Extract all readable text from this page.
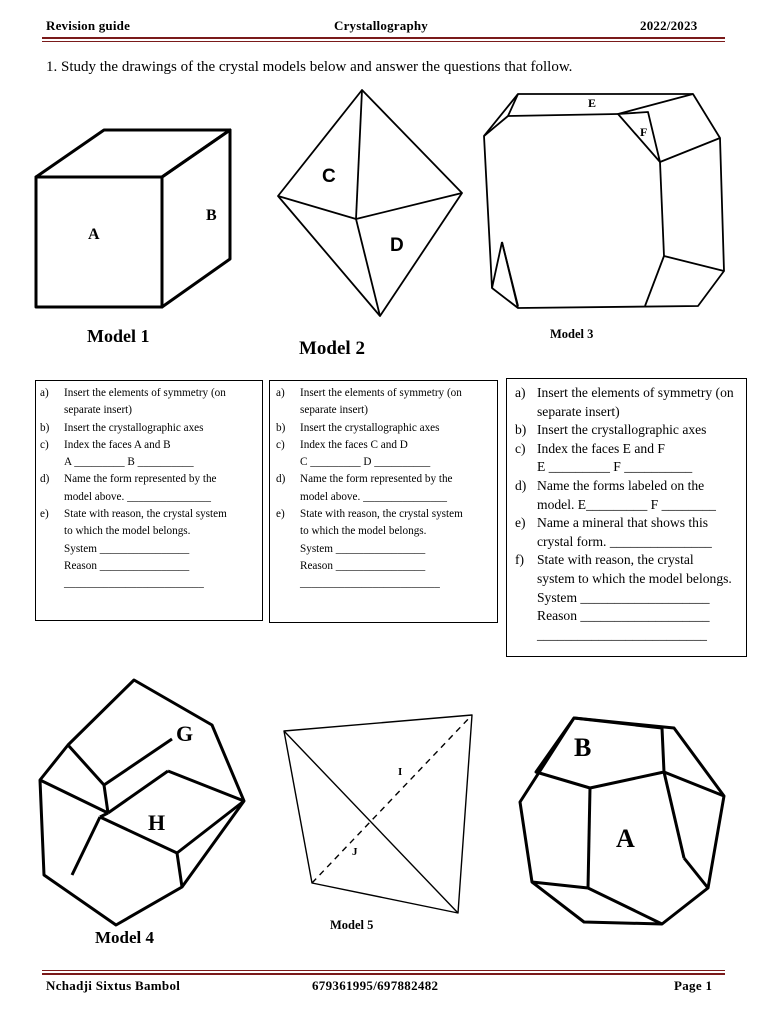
Revision guide	Crystallography	2022/2023
1. Study the drawings of the crystal models below and answer the questions that follow.
A
B
Model 1
C
D
Model 2
E
F
Model 3
a)	Insert the elements of symmetry (on
separate insert)
b)	Insert the crystallographic axes
c)	Index the faces A and B
A _________ B __________
d)	Name the form represented by the
model above. _______________
e)	State with reason, the crystal system
to which the model belongs.
System ________________
Reason ________________
_________________________
a)	Insert the elements of symmetry (on
separate insert)
b)	Insert the crystallographic axes
c)	Index the faces C and D
C _________ D __________
d)	Name the form represented by the
model above. _______________
e)	State with reason, the crystal system
to which the model belongs.
System ________________
Reason ________________
_________________________
a) Insert the elements of symmetry (on
separate insert)
b) Insert the crystallographic axes
c) Index the faces E and F
E _________ F __________
d) Name the forms labeled on the
model. E_________ F ________
e) Name a mineral that shows this
crystal form. _______________
f) State with reason, the crystal
system to which the model belongs.
System ___________________
Reason ___________________
_________________________
G
H
Model 4
I
J
Model 5
B
A
Nchadji Sixtus Bambol	679361995/697882482	Page 1
